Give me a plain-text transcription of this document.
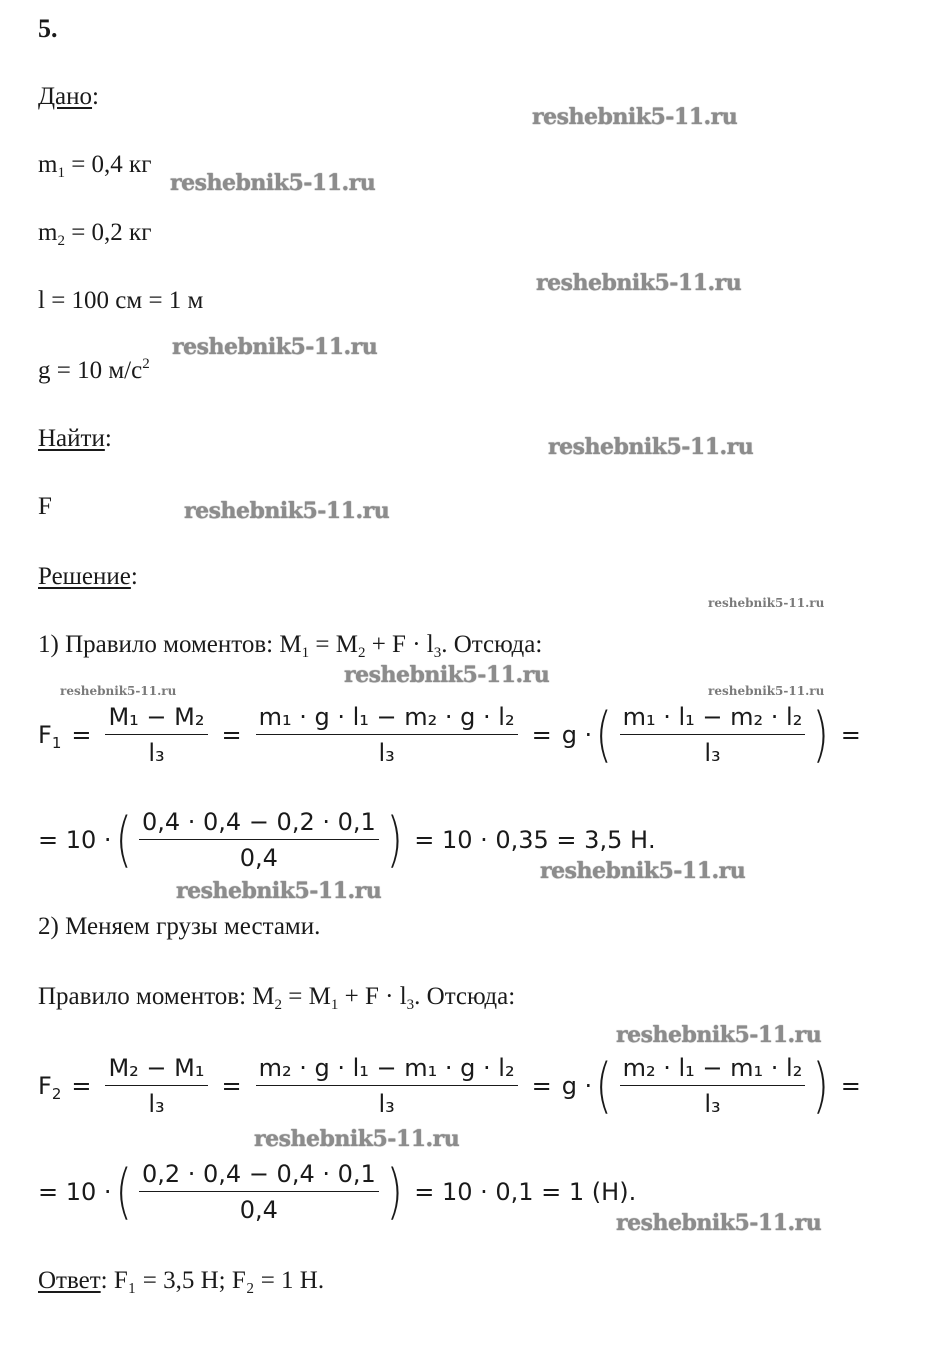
5.
Дано:
$m_1 = 0,4$ кг
$m_2 = 0,2$ кг
l = 100 см = 1 м
g = 10 $м/с^2$
Найти:
F
Решение:
1) Правило моментов: $M_1 = M_2 + F \cdot l_3$. Отсюда:
$F_1 = \frac{\text{M₁ − M₂}}{\text{l₃}} = \frac{\text{m₁ · g · l₁ − m₂ · g · l₂}}{\text{l₃}} = g$ · ( $\frac{\text{m₁ · l₁ − m₂ · l₂}}{\text{l₃}}$ ) =
= 10 · ( $\frac{0,4 \cdot 0,4 - 0,2 \cdot 0,1}{0,4}$ ) = 10 · 0,35 = 3,5 Н.
2) Меняем грузы местами.
Правило моментов: $M_2 = M_1 + F \cdot l_3$. Отсюда:
$F_2 = \frac{\text{M₂ − M₁}}{\text{l₃}} = \frac{\text{m₂ · g · l₁ − m₁ · g · l₂}}{\text{l₃}} = g$ · ( $\frac{\text{m₂ · l₁ − m₁ · l₂}}{\text{l₃}}$ ) =
= 10 · ( $\frac{0,2 \cdot 0,4 - 0,4 \cdot 0,1}{0,4}$ ) = 10 · 0,1 = 1 (Н).
Ответ: F₁ = 3,5 Н; F₂ = 1 Н.
reshebnik5-11.ru
reshebnik5-11.ru
reshebnik5-11.ru
reshebnik5-11.ru
reshebnik5-11.ru
reshebnik5-11.ru
reshebnik5-11.ru
reshebnik5-11.ru
reshebnik5-11.ru	reshebnik5-11.ru
reshebnik5-11.ru
reshebnik5-11.ru
reshebnik5-11.ru
reshebnik5-11.ru
reshebnik5-11.ru
